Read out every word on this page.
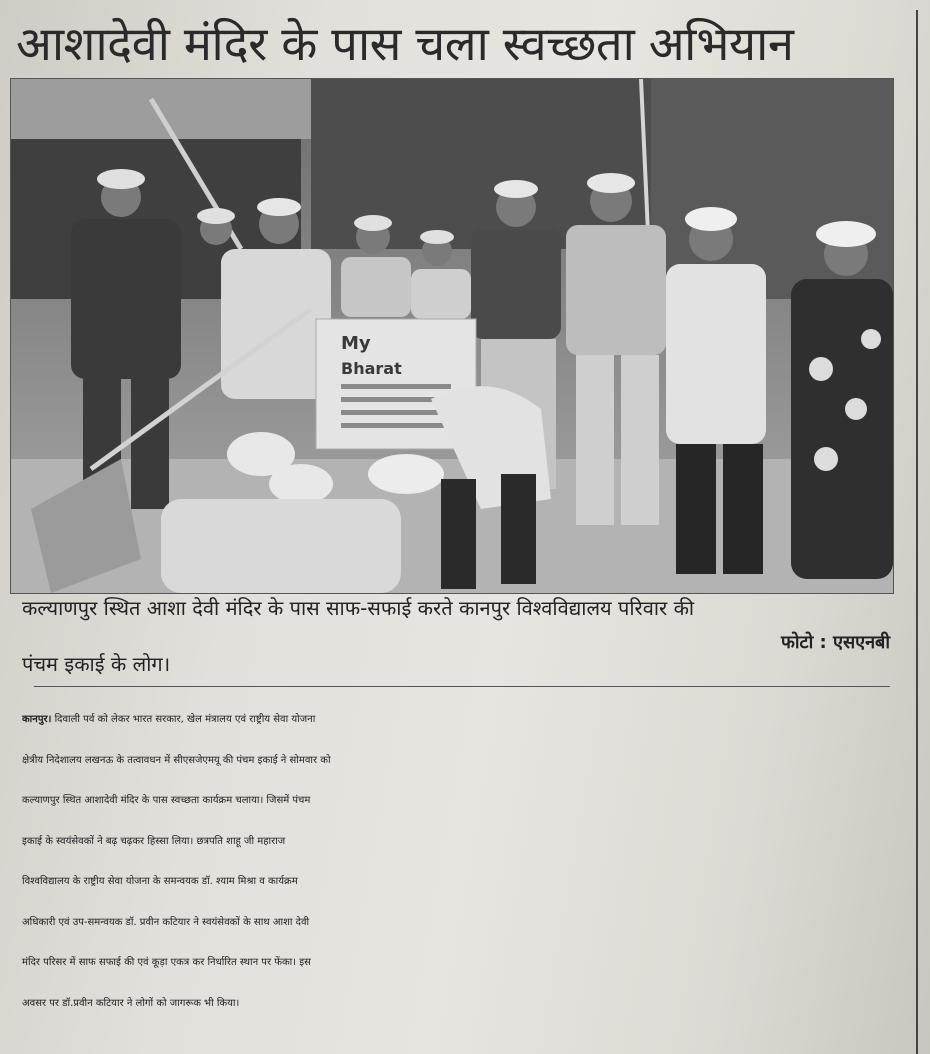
आशादेवी मंदिर के पास चला स्वच्छता अभियान
My
Bharat
कल्याणपुर स्थित आशा देवी मंदिर के पास साफ-सफाई करते कानपुर विश्वविद्यालय परिवार की
फोटो : एसएनबी
पंचम इकाई के लोग।
कानपुर। दिवाली पर्व को लेकर भारत सरकार, खेल मंत्रालय एवं राष्ट्रीय सेवा योजना
क्षेत्रीय निदेशालय लखनऊ के तत्वावधन में सीएसजेएमयू की पंचम इकाई ने सोमवार को
कल्याणपुर स्थित आशादेवी मंदिर के पास स्वच्छता कार्यक्रम चलाया। जिसमें पंचम
इकाई के स्वयंसेवकों ने बढ़ चढ़कर हिस्सा लिया। छत्रपति शाहू जी महाराज
विश्वविद्यालय के राष्ट्रीय सेवा योजना के समन्वयक डॉ. श्याम मिश्रा व कार्यक्रम
अधिकारी एवं उप-समन्वयक डॉ. प्रवीन कटियार ने स्वयंसेवकों के साथ आशा देवी
मंदिर परिसर में साफ सफाई की एवं कूड़ा एकत्र कर निर्धारित स्थान पर फेंका। इस
अवसर पर डॉ.प्रवीन कटियार ने लोगों को जागरूक भी किया।
